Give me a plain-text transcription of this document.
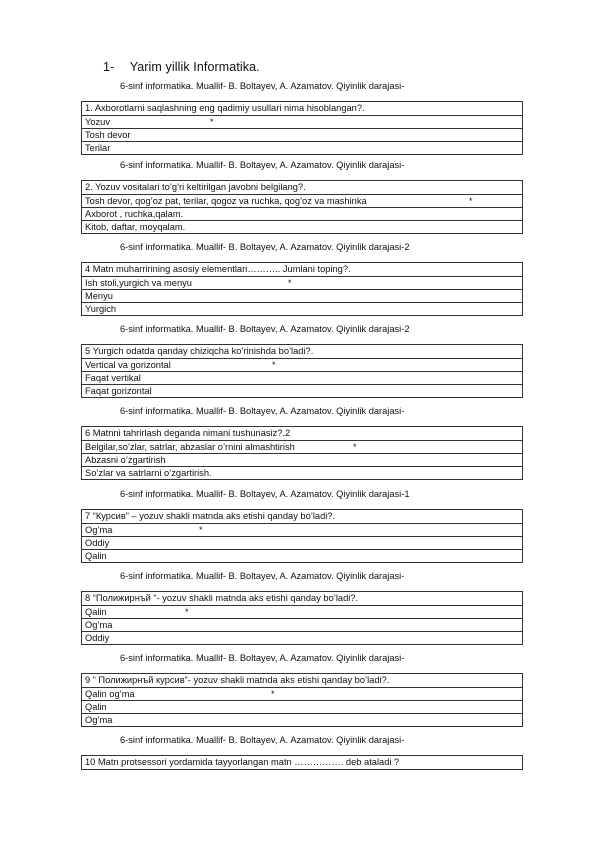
1- Yarim yillik Informatika.
6-sinf informatika. Muallif- B. Boltayev, A. Azamatov. Qiyinlik darajasi-
1. Axborotlarni saqlashning eng qadimiy usullari nima hisoblangan?.
Yozuv	*

Tosh devor
Terilar
6-sinf informatika. Muallif- B. Boltayev, A. Azamatov. Qiyinlik darajasi-
2. Yozuv vositalari to’g’ri keltirilgan javobni belgilang?.
Tosh devor, qog’oz pat, terilar, qogoz va ruchka, qog’oz va mashinka	*

Axborot , ruchka,qalam.
Kitob, daftar, moyqalam.
6-sinf informatika. Muallif- B. Boltayev, A. Azamatov. Qiyinlik darajasi-2
4 Matn muharririning asosiy elementlari……….. Jumlani toping?.
Ish stoli,yurgich va menyu	*

Menyu
Yurgich
6-sinf informatika. Muallif- B. Boltayev, A. Azamatov. Qiyinlik darajasi-2
5 Yurgich odatda qanday chiziqcha ko’rinishda bo’ladi?.
Vertical va gorizontal	*

Faqat vertikal
Faqat gorizontal
6-sinf informatika. Muallif- B. Boltayev, A. Azamatov. Qiyinlik darajasi-
6 Matnni tahrirlash deganda nimani tushunasiz?.2
Belgilar,so’zlar, satrlar, abzaslar o’rnini almashtirish	*

Abzasni o’zgartirish
So’zlar va satrlarni o’zgartirish.
6-sinf informatika. Muallif- B. Boltayev, A. Azamatov. Qiyinlik darajasi-1
7 “Курсив” – yozuv shakli matnda aks etishi qanday bo’ladi?.
Og’ma	*

Oddiy
Qalin
6-sinf informatika. Muallif- B. Boltayev, A. Azamatov. Qiyinlik darajasi-
8 “Полижирнъй “- yozuv shakli matnda aks etishi qanday bo’ladi?.
Qalin	*

Og’ma
Oddiy
6-sinf informatika. Muallif- B. Boltayev, A. Azamatov. Qiyinlik darajasi-
9 “ Полижирнъй курсив”- yozuv shakli matnda aks etishi qanday bo’ladi?.
Qalin og’ma	*

Qalin
Og’ma
6-sinf informatika. Muallif- B. Boltayev, A. Azamatov. Qiyinlik darajasi-
10 Matn protsessori yordamida tayyorlangan matn ……………. deb ataladi ?
